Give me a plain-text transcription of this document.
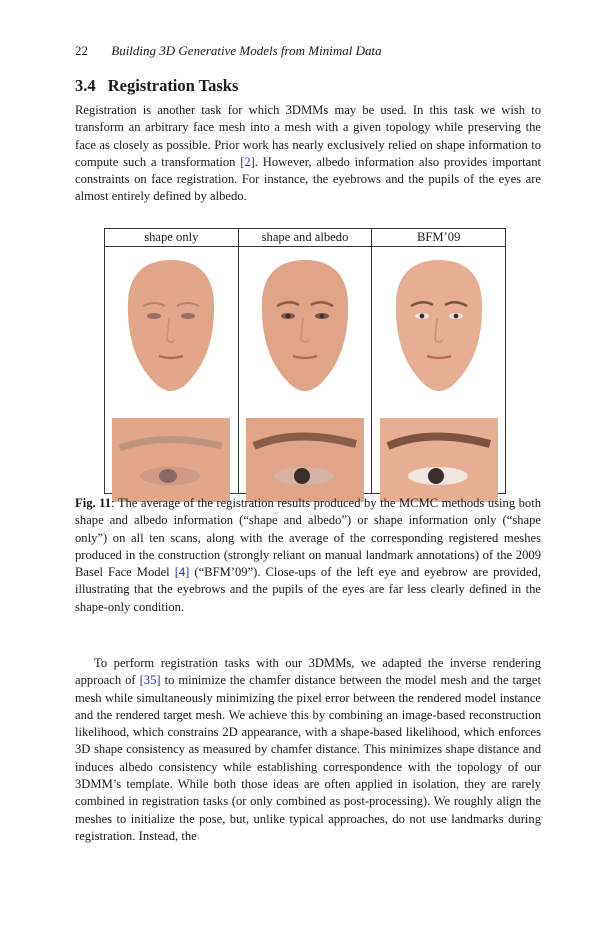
22 Building 3D Generative Models from Minimal Data
3.4 Registration Tasks

Registration is another task for which 3DMMs may be used. In this task we wish to transform an arbitrary face mesh into a mesh with a given topology while preserving the face as closely as possible. Prior work has nearly exclusively relied on shape information to compute such a transformation [2]. However, albedo information also provides important constraints on face registration. For instance, the eyebrows and the pupils of the eyes are almost entirely defined by albedo.

shape only	shape and albedo	BFM’09

Fig. 11: The average of the registration results produced by the MCMC methods using both shape and albedo information (“shape and albedo”) or shape information only (“shape only”) on all ten scans, along with the average of the corresponding registered meshes produced in the construction (strongly reliant on manual landmark annotations) of the 2009 Basel Face Model [4] (“BFM’09”). Close-ups of the left eye and eyebrow are provided, illustrating that the eyebrows and the pupils of the eyes are far less clearly defined in the shape-only condition.

To perform registration tasks with our 3DMMs, we adapted the inverse rendering approach of [35] to minimize the chamfer distance between the model mesh and the target mesh while simultaneously minimizing the pixel error between the rendered model instance and the rendered target mesh. We achieve this by combining an image-based reconstruction likelihood, which constrains 2D appearance, with a shape-based likelihood, which enforces 3D shape consistency as measured by chamfer distance. This minimizes shape distance and induces albedo consistency while establishing correspondence with the topology of our 3DMM’s template. While both those ideas are often applied in isolation, they are rarely combined in registration tasks (or only combined as post-processing). We roughly align the meshes to initialize the pose, but, unlike typical approaches, do not use landmarks during registration. Instead, the
